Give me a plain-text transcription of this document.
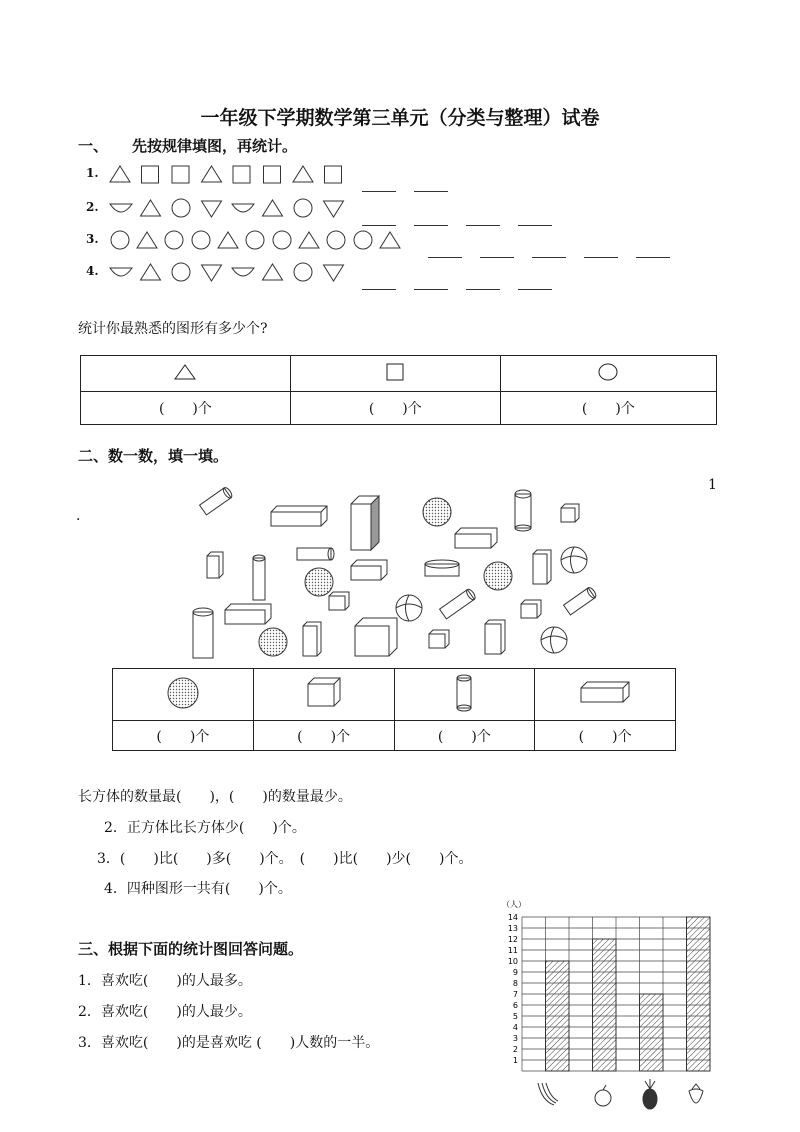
一年级下学期数学第三单元（分类与整理）试卷
一、 先按规律填图，再统计。
1.
2.
3.
4.
统计你最熟悉的图形有多少个?

(　　)个	(　　)个	(　　)个
二、数一数，填一填。
1
.

(　　)个	(　　)个	(　　)个	(　　)个
长方体的数量最(　　)，(　　)的数量最少。
2．正方体比长方体少(　　)个。
3．(　　)比(　　)多(　　)个。　(　　)比(　　)少(　　)个。
4．四种图形一共有(　　)个。
三、根据下面的统计图回答问题。
1．喜欢吃(　　)的人最多。
2．喜欢吃(　　)的人最少。
3．喜欢吃(　　)的是喜欢吃 (　　)人数的一半。
（人）
1
2
3
4
5
6
7
8
9
10
11
12
13
14
